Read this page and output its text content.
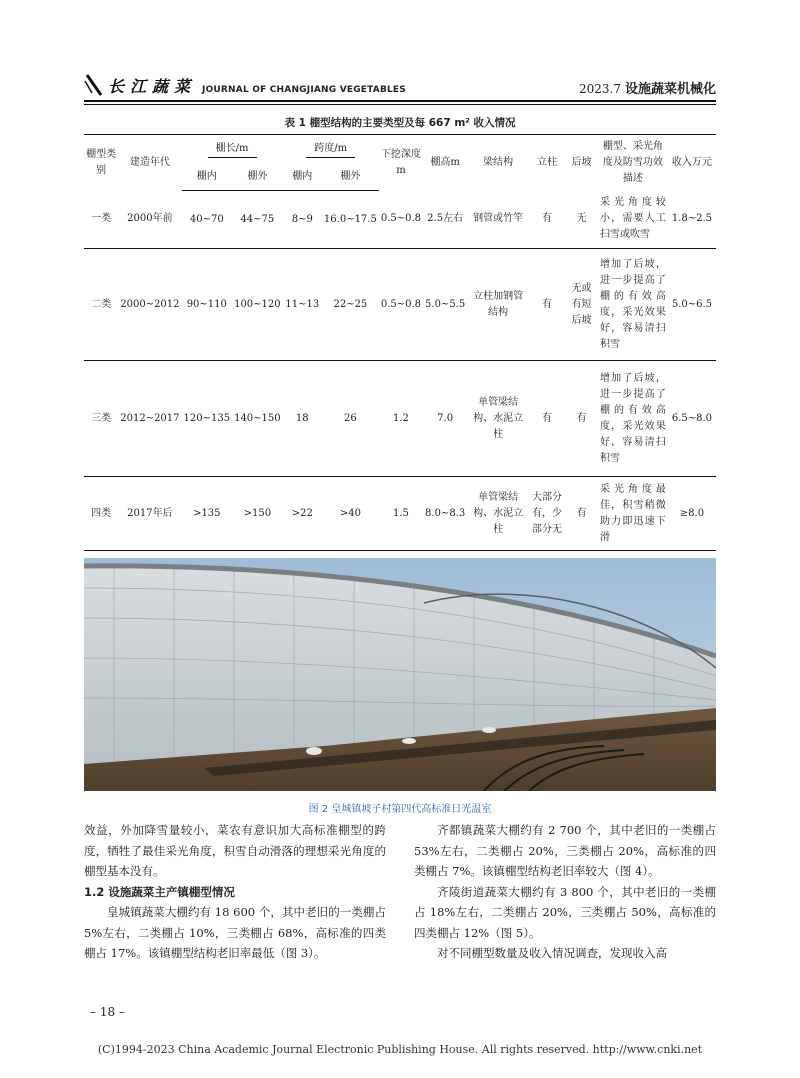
长江蔬菜 JOURNAL OF CHANGJIANG VEGETABLES	2023.7 设施蔬菜机械化
表 1 棚型结构的主要类型及每 667 m² 收入情况
棚型类别	建造年代	棚长/m		跨度/m		下挖深度m	棚高m	梁结构	立柱	后坡	棚型、采光角度及防雪功效描述	收入万元
		棚内	棚外	棚内	棚外							
一类	2000年前	40~70	44~75	8~9	16.0~17.5	0.5~0.8	2.5左右	钢管或竹竿	有	无	采光角度较小，需要人工扫雪或吹雪	1.8~2.5
二类	2000~2012	90~110	100~120	11~13	22~25	0.5~0.8	5.0~5.5	立柱加钢管结构	有	无或有短后坡	增加了后坡，进一步提高了棚的有效高度，采光效果好，容易清扫积雪	5.0~6.5
三类	2012~2017	120~135	140~150	18	26	1.2	7.0	单管梁结构、水泥立柱	有	有	增加了后坡，进一步提高了棚的有效高度，采光效果好，容易清扫积雪	6.5~8.0
四类	2017年后	>135	>150	>22	>40	1.5	8.0~8.3	单管梁结构、水泥立柱	大部分有，少部分无	有	采光角度最佳，积雪稍微助力即迅速下滑	≥8.0
图 2 皇城镇坡子村第四代高标准日光温室

效益，外加降雪量较小，菜农有意识加大高标准棚型的跨度，牺牲了最佳采光角度，积雪自动滑落的理想采光角度的棚型基本没有。

1.2 设施蔬菜主产镇棚型情况

皇城镇蔬菜大棚约有 18 600 个，其中老旧的一类棚占 5%左右，二类棚占 10%，三类棚占 68%，高标准的四类棚占 17%。该镇棚型结构老旧率最低（图 3）。

齐都镇蔬菜大棚约有 2 700 个，其中老旧的一类棚占 53%左右，二类棚占 20%，三类棚占 20%，高标准的四类棚占 7%。该镇棚型结构老旧率较大（图 4）。

齐陵街道蔬菜大棚约有 3 800 个，其中老旧的一类棚占 18%左右，二类棚占 20%，三类棚占 50%，高标准的四类棚占 12%（图 5）。

对不同棚型数量及收入情况调查，发现收入高

– 18 –
(C)1994-2023 China Academic Journal Electronic Publishing House. All rights reserved. http://www.cnki.net
